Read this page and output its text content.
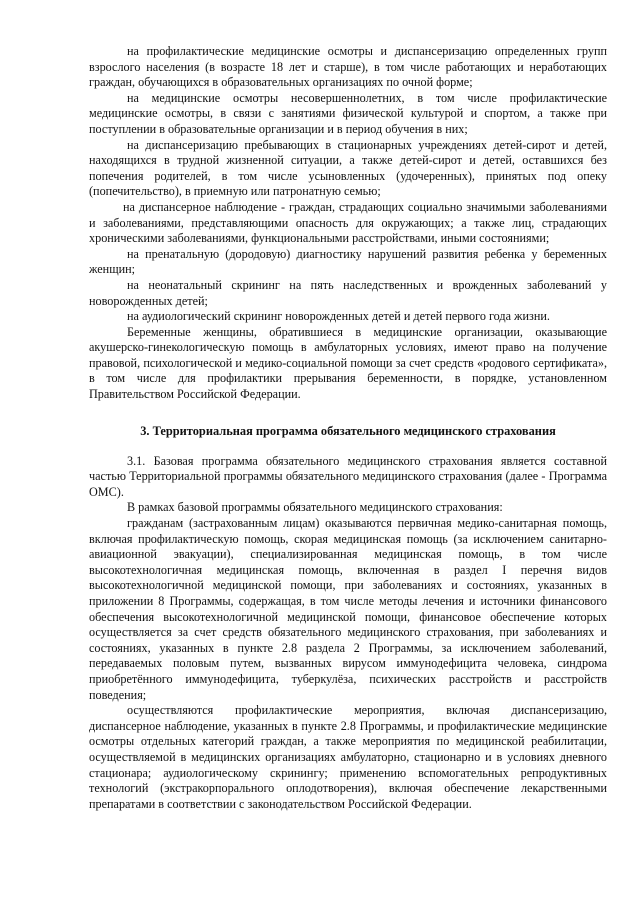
на профилактические медицинские осмотры и диспансеризацию определенных групп взрослого населения (в возрасте 18 лет и старше), в том числе работающих и неработающих граждан, обучающихся в образовательных организациях по очной форме;

на медицинские осмотры несовершеннолетних, в том числе профилактические медицинские осмотры, в связи с занятиями физической культурой и спортом, а также при поступлении в образовательные организации и в период обучения в них;

на диспансеризацию пребывающих в стационарных учреждениях детей-сирот и детей, находящихся в трудной жизненной ситуации, а также детей-сирот и детей, оставшихся без попечения родителей, в том числе усыновленных (удочеренных), принятых под опеку (попечительство), в приемную или патронатную семью;

на диспансерное наблюдение - граждан, страдающих социально значимыми заболеваниями и заболеваниями, представляющими опасность для окружающих; а также лиц, страдающих хроническими заболеваниями, функциональными расстройствами, иными состояниями;

на пренатальную (дородовую) диагностику нарушений развития ребенка у беременных женщин;

на неонатальный скрининг на пять наследственных и врожденных заболеваний у новорожденных детей;

на аудиологический скрининг новорожденных детей и детей первого года жизни.

Беременные женщины, обратившиеся в медицинские организации, оказывающие акушерско-гинекологическую помощь в амбулаторных условиях, имеют право на получение правовой, психологической и медико-социальной помощи за счет средств «родового сертификата», в том числе для профилактики прерывания беременности, в порядке, установленном Правительством Российской Федерации.

3. Территориальная программа обязательного медицинского страхования

3.1. Базовая программа обязательного медицинского страхования является составной частью Территориальной программы обязательного медицинского страхования (далее - Программа ОМС).

В рамках базовой программы обязательного медицинского страхования:

гражданам (застрахованным лицам) оказываются первичная медико-санитарная помощь, включая профилактическую помощь, скорая медицинская помощь (за исключением санитарно-авиационной эвакуации), специализированная медицинская помощь, в том числе высокотехнологичная медицинская помощь, включенная в раздел I перечня видов высокотехнологичной медицинской помощи, при заболеваниях и состояниях, указанных в приложении 8 Программы, содержащая, в том числе методы лечения и источники финансового обеспечения высокотехнологичной медицинской помощи, финансовое обеспечение которых осуществляется за счет средств обязательного медицинского страхования, при заболеваниях и состояниях, указанных в пункте 2.8 раздела 2 Программы, за исключением заболеваний, передаваемых половым путем, вызванных вирусом иммунодефицита человека, синдрома приобретённого иммунодефицита, туберкулёза, психических расстройств и расстройств поведения;

осуществляются профилактические мероприятия, включая диспансеризацию, диспансерное наблюдение, указанных в пункте 2.8 Программы, и профилактические медицинские осмотры отдельных категорий граждан, а также мероприятия по медицинской реабилитации, осуществляемой в медицинских организациях амбулаторно, стационарно и в условиях дневного стационара; аудиологическому скринингу; применению вспомогательных репродуктивных технологий (экстракорпорального оплодотворения), включая обеспечение лекарственными препаратами в соответствии с законодательством Российской Федерации.
